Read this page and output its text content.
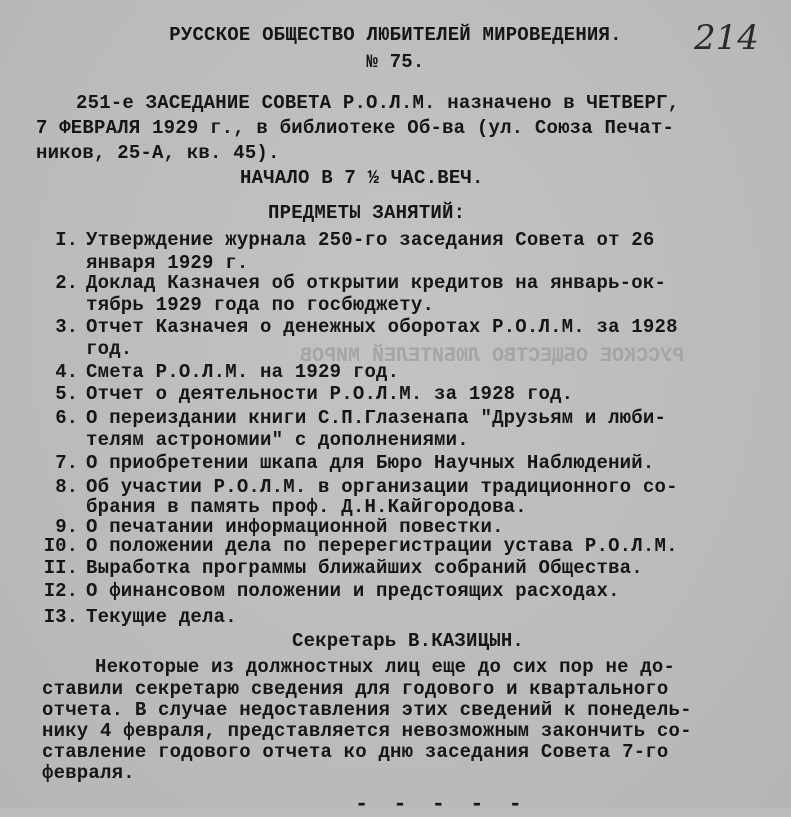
РУССКОЕ ОБЩЕСТВО ЛЮБИТЕЛЕЙ МИРОВ
РУССКОЕ ОБЩЕСТВО ЛЮБИТЕЛЕЙ МИРОВЕДЕНИЯ.
№ 75.
214
251-е ЗАСЕДАНИЕ СОВЕТА Р.О.Л.М. назначено в ЧЕТВЕРГ,
7 ФЕВРАЛЯ 1929 г., в библиотеке Об-ва (ул. Союза Печат-
ников, 25-А, кв. 45).
НАЧАЛО В 7 ½ ЧАС.ВЕЧ.
ПРЕДМЕТЫ ЗАНЯТИЙ:
I. Утверждение журнала 250-го заседания Совета от 26
января 1929 г.
2. Доклад Казначея об открытии кредитов на январь-ок-
тябрь 1929 года по госбюджету.
3. Отчет Казначея о денежных оборотах Р.О.Л.М. за 1928
год.
4. Смета Р.О.Л.М. на 1929 год.
5. Отчет о деятельности Р.О.Л.М. за 1928 год.
6. О переиздании книги С.П.Глазенапа "Друзьям и люби-
телям астрономии" с дополнениями.
7. О приобретении шкапа для Бюро Научных Наблюдений.
8. Об участии Р.О.Л.М. в организации традиционного со-
брания в память проф. Д.Н.Кайгородова.
9. О печатании информационной повестки.
I0. О положении дела по перерегистрации устава Р.О.Л.М.
II. Выработка программы ближайших собраний Общества.
I2. О финансовом положении и предстоящих расходах.
I3. Текущие дела.
Секретарь В.КАЗИЦЫН.
Некоторые из должностных лиц еще до сих пор не до-
ставили секретарю сведения для годового и квартального
отчета. В случае недоставления этих сведений к понедель-
нику 4 февраля, представляется невозможным закончить со-
ставление годового отчета ко дню заседания Совета 7-го
февраля.
- - - - -
